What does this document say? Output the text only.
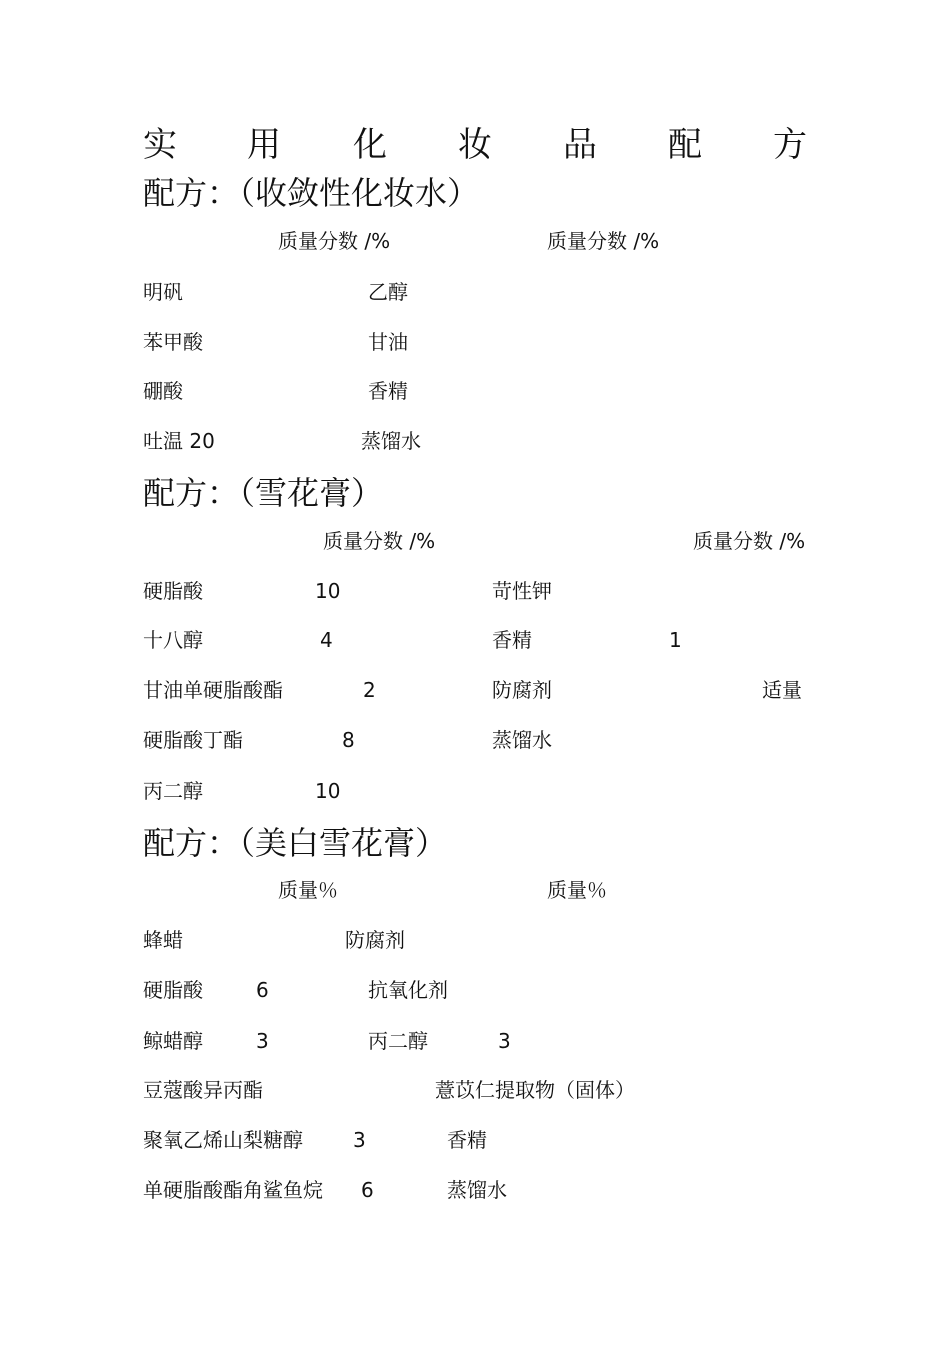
实 用 化 妆 品 配 方
配方：（收敛性化妆水）
质量分数 /%	质量分数 /%
明矾	乙醇
苯甲酸	甘油
硼酸	香精
吐温 20	蒸馏水
配方：（雪花膏）
质量分数 /%	质量分数 /%
硬脂酸	10	苛性钾
十八醇	4	香精	1
甘油单硬脂酸酯	2	防腐剂	适量
硬脂酸丁酯	8	蒸馏水
丙二醇	10
配方：（美白雪花膏）
质量％	质量％
蜂蜡	防腐剂
硬脂酸	6	抗氧化剂
鲸蜡醇	3	丙二醇	3
豆蔻酸异丙酯	薏苡仁提取物（固体）
聚氧乙烯山梨糖醇	3	香精
单硬脂酸酯角鲨鱼烷 6	蒸馏水
